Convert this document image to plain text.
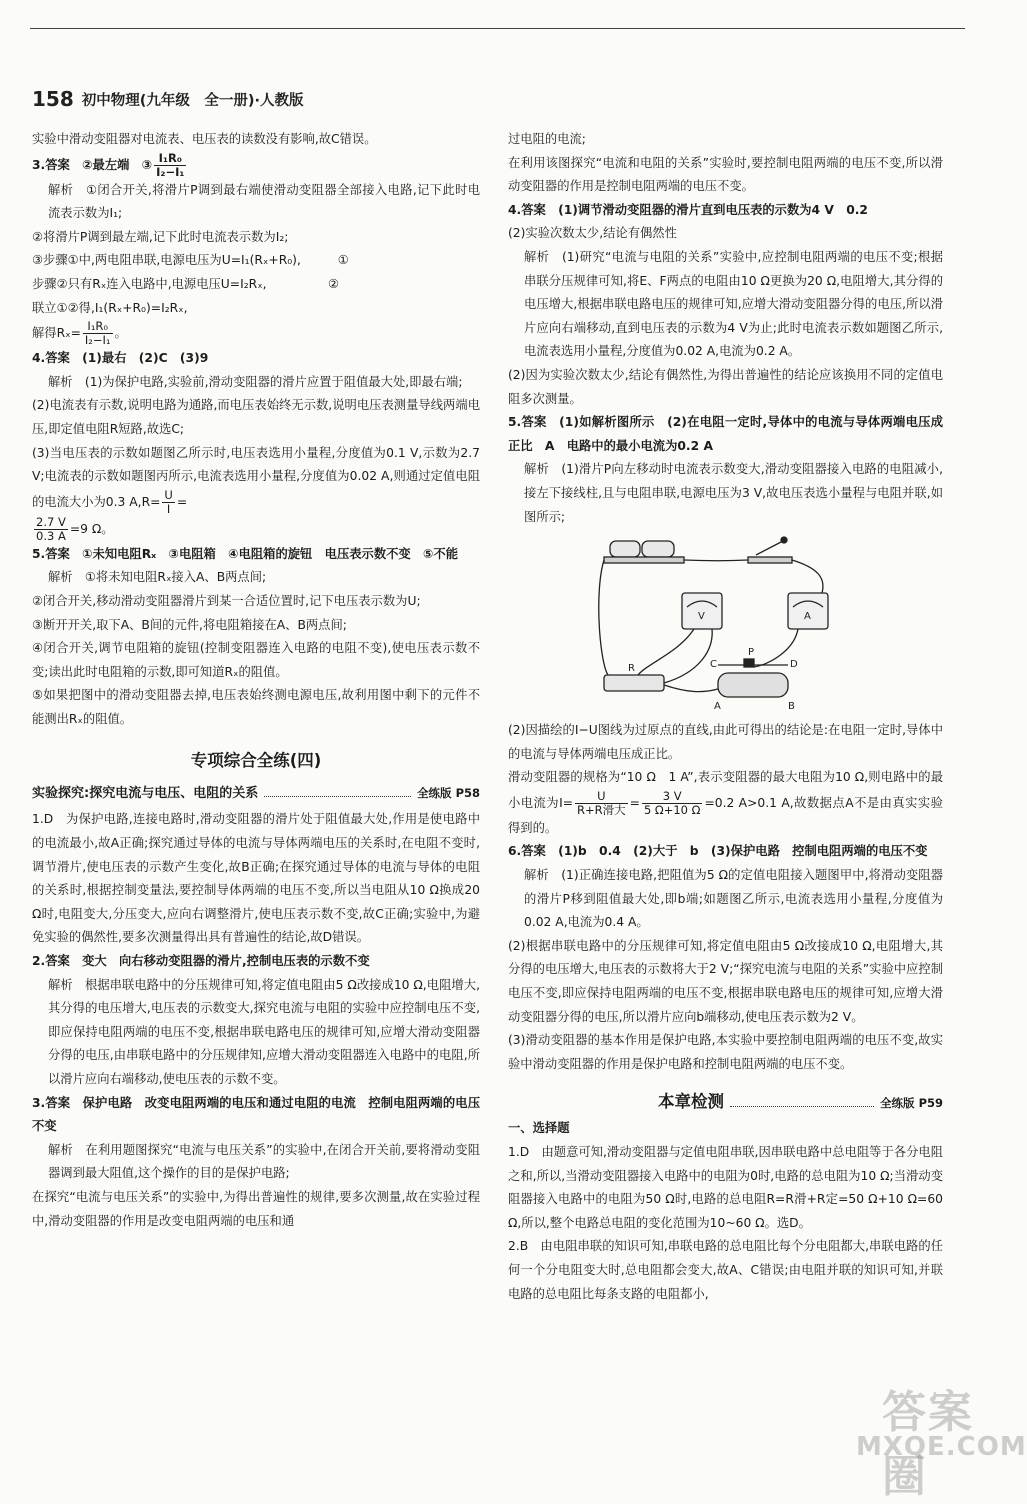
158 初中物理(九年级　全一册)·人教版

实验中滑动变阻器对电流表、电压表的读数没有影响,故C错误。

3.答案　②最左端　③ $\frac{\text{I₁R₀}}{\text{I₂−I₁}}$

解析　①闭合开关,将滑片P调到最右端使滑动变阻器全部接入电路,记下此时电流表示数为I₁;

②将滑片P调到最左端,记下此时电流表示数为I₂;

③步骤①中,两电阻串联,电源电压为U=I₁(Rₓ+R₀),　　　①

步骤②只有Rₓ连入电路中,电源电压U=I₂Rₓ,　　　　　②

联立①②得,I₁(Rₓ+R₀)=I₂Rₓ,

解得$R_x= \frac{\text{I₁R₀}}{\text{I₂−I₁}}$ 。

4.答案　(1)最右　(2)C　(3)9

解析　(1)为保护电路,实验前,滑动变阻器的滑片应置于阻值最大处,即最右端;

(2)电流表有示数,说明电路为通路,而电压表始终无示数,说明电压表测量导线两端电压,即定值电阻R短路,故选C;

(3)当电压表的示数如题图乙所示时,电压表选用小量程,分度值为0.1 V,示数为2.7 V;电流表的示数如题图丙所示,电流表选用小量程,分度值为0.02 A,则通过定值电阻的电流大小为0.3 $A,R= \frac{U}{I}$ =

$\frac{2.7 V}{0.3 A} =9$ Ω。

5.答案　①未知电阻Rₓ　③电阻箱　④电阻箱的旋钮　电压表示数不变　⑤不能

解析　①将未知电阻Rₓ接入A、B两点间;

②闭合开关,移动滑动变阻器滑片到某一合适位置时,记下电压表示数为U;

③断开开关,取下A、B间的元件,将电阻箱接在A、B两点间;

④闭合开关,调节电阻箱的旋钮(控制变阻器连入电路的电阻不变),使电压表示数不变;读出此时电阻箱的示数,即可知道Rₓ的阻值。

⑤如果把图中的滑动变阻器去掉,电压表始终测电源电压,故利用图中剩下的元件不能测出Rₓ的阻值。

专项综合全练(四)
实验探究:探究电流与电压、电阻的关系	全练版 P58

1.D　为保护电路,连接电路时,滑动变阻器的滑片处于阻值最大处,作用是使电路中的电流最小,故A正确;探究通过导体的电流与导体两端电压的关系时,在电阻不变时,调节滑片,使电压表的示数产生变化,故B正确;在探究通过导体的电流与导体的电阻的关系时,根据控制变量法,要控制导体两端的电压不变,所以当电阻从10 Ω换成20 Ω时,电阻变大,分压变大,应向右调整滑片,使电压表示数不变,故C正确;实验中,为避免实验的偶然性,要多次测量得出具有普遍性的结论,故D错误。

2.答案　变大　向右移动变阻器的滑片,控制电压表的示数不变

解析　根据串联电路中的分压规律可知,将定值电阻由5 Ω改接成10 Ω,电阻增大,其分得的电压增大,电压表的示数变大,探究电流与电阻的实验中应控制电压不变,即应保持电阻两端的电压不变,根据串联电路电压的规律可知,应增大滑动变阻器分得的电压,由串联电路中的分压规律知,应增大滑动变阻器连入电路中的电阻,所以滑片应向右端移动,使电压表的示数不变。

3.答案　保护电路　改变电阻两端的电压和通过电阻的电流　控制电阻两端的电压不变

解析　在利用题图探究“电流与电压关系”的实验中,在闭合开关前,要将滑动变阻器调到最大阻值,这个操作的目的是保护电路;

在探究“电流与电压关系”的实验中,为得出普遍性的规律,要多次测量,故在实验过程中,滑动变阻器的作用是改变电阻两端的电压和通

过电阻的电流;

在利用该图探究“电流和电阻的关系”实验时,要控制电阻两端的电压不变,所以滑动变阻器的作用是控制电阻两端的电压不变。

4.答案　(1)调节滑动变阻器的滑片直到电压表的示数为4 V　0.2

(2)实验次数太少,结论有偶然性

解析　(1)研究“电流与电阻的关系”实验中,应控制电阻两端的电压不变;根据串联分压规律可知,将E、F两点的电阻由10 Ω更换为20 Ω,电阻增大,其分得的电压增大,根据串联电路电压的规律可知,应增大滑动变阻器分得的电压,所以滑片应向右端移动,直到电压表的示数为4 V为止;此时电流表示数如题图乙所示,电流表选用小量程,分度值为0.02 A,电流为0.2 A。

(2)因为实验次数太少,结论有偶然性,为得出普遍性的结论应该换用不同的定值电阻多次测量。

5.答案　(1)如解析图所示　(2)在电阻一定时,导体中的电流与导体两端电压成正比　A　电路中的最小电流为0.2 A

解析　(1)滑片P向左移动时电流表示数变大,滑动变阻器接入电路的电阻减小,接左下接线柱,且与电阻串联,电源电压为3 V,故电压表选小量程与电阻并联,如图所示;

V	A
R	C
P
D
A	B

(2)因描绘的I−U图线为过原点的直线,由此可得出的结论是:在电阻一定时,导体中的电流与导体两端电压成正比。

滑动变阻器的规格为“10 Ω　1 A”,表示变阻器的最大电阻为10 Ω,则电路中的最小电流为$I= \frac{U}{\text{R+R滑大}} = \frac{3 V}{5 \Omega+10 \Omega} =0.2$ A>0.1 A,故数据点A不是由真实实验得到的。

6.答案　(1)b　0.4　(2)大于　b　(3)保护电路　控制电阻两端的电压不变

解析　(1)正确连接电路,把阻值为5 Ω的定值电阻接入题图甲中,将滑动变阻器的滑片P移到阻值最大处,即b端;如题图乙所示,电流表选用小量程,分度值为0.02 A,电流为0.4 A。

(2)根据串联电路中的分压规律可知,将定值电阻由5 Ω改接成10 Ω,电阻增大,其分得的电压增大,电压表的示数将大于2 V;“探究电流与电阻的关系”实验中应控制电压不变,即应保持电阻两端的电压不变,根据串联电路电压的规律可知,应增大滑动变阻器分得的电压,所以滑片应向b端移动,使电压表示数为2 V。

(3)滑动变阻器的基本作用是保护电路,本实验中要控制电阻两端的电压不变,故实验中滑动变阻器的作用是保护电路和控制电阻两端的电压不变。

本章检测	全练版 P59

一、选择题

1.D　由题意可知,滑动变阻器与定值电阻串联,因串联电路中总电阻等于各分电阻之和,所以,当滑动变阻器接入电路中的电阻为0时,电路的总电阻为10 Ω;当滑动变阻器接入电路中的电阻为50 Ω时,电路的总电阻R=R滑+R定=50 Ω+10 Ω=60 Ω,所以,整个电路总电阻的变化范围为10~60 Ω。选D。

2.B　由电阻串联的知识可知,串联电路的总电阻比每个分电阻都大,串联电路的任何一个分电阻变大时,总电阻都会变大,故A、C错误;由电阻并联的知识可知,并联电路的总电阻比每条支路的电阻都小,

答案圈
MXQE.COM
